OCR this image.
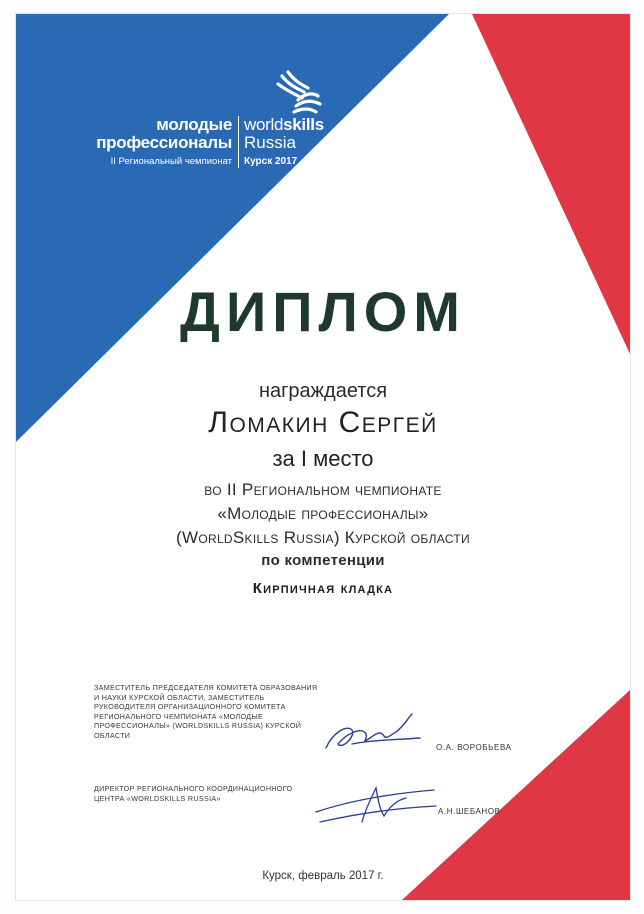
молодые
профессионалы
II Региональный чемпионат
worldskills
Russia
Курск 2017
ДИПЛОМ
награждается
Ломакин Сергей
за I место
во II Региональном чемпионате
«Молодые профессионалы»
(WorldSkills Russia) Курской области
по компетенции
Кирпичная кладка
ЗАМЕСТИТЕЛЬ ПРЕДСЕДАТЕЛЯ КОМИТЕТА ОБРАЗОВАНИЯ И НАУКИ КУРСКОЙ ОБЛАСТИ, ЗАМЕСТИТЕЛЬ РУКОВОДИТЕЛЯ ОРГАНИЗАЦИОННОГО КОМИТЕТА РЕГИОНАЛЬНОГО ЧЕМПИОНАТА «МОЛОДЫЕ ПРОФЕССИОНАЛЫ» (WORLDSKILLS RUSSIA) КУРСКОЙ ОБЛАСТИ
О.А. ВОРОБЬЕВА
ДИРЕКТОР РЕГИОНАЛЬНОГО КООРДИНАЦИОННОГО ЦЕНТРА «WORLDSKILLS RUSSIA»
А.Н.ШЕБАНОВ
Курск, февраль 2017 г.
